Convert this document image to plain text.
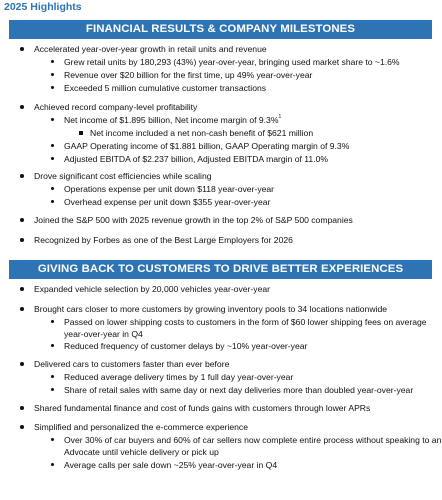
2025 Highlights
FINANCIAL RESULTS & COMPANY MILESTONES
Accelerated year-over-year growth in retail units and revenue
Grew retail units by 180,293 (43%) year-over-year, bringing used market share to ~1.6%
Revenue over $20 billion for the first time, up 49% year-over-year
Exceeded 5 million cumulative customer transactions
Achieved record company-level profitability
Net income of $1.895 billion, Net income margin of 9.3%$^1$
Net income included a net non-cash benefit of $621 million
GAAP Operating income of $1.881 billion, GAAP Operating margin of 9.3%
Adjusted EBITDA of $2.237 billion, Adjusted EBITDA margin of 11.0%
Drove significant cost efficiencies while scaling
Operations expense per unit down $118 year-over-year
Overhead expense per unit down $355 year-over-year
Joined the S&P 500 with 2025 revenue growth in the top 2% of S&P 500 companies
Recognized by Forbes as one of the Best Large Employers for 2026
GIVING BACK TO CUSTOMERS TO DRIVE BETTER EXPERIENCES
Expanded vehicle selection by 20,000 vehicles year-over-year
Brought cars closer to more customers by growing inventory pools to 34 locations nationwide
Passed on lower shipping costs to customers in the form of $60 lower shipping fees on average
year-over-year in Q4
Reduced frequency of customer delays by ~10% year-over-year
Delivered cars to customers faster than ever before
Reduced average delivery times by 1 full day year-over-year
Share of retail sales with same day or next day deliveries more than doubled year-over-year
Shared fundamental finance and cost of funds gains with customers through lower APRs
Simplified and personalized the e-commerce experience
Over 30% of car buyers and 60% of car sellers now complete entire process without speaking to an
Advocate until vehicle delivery or pick up
Average calls per sale down ~25% year-over-year in Q4
